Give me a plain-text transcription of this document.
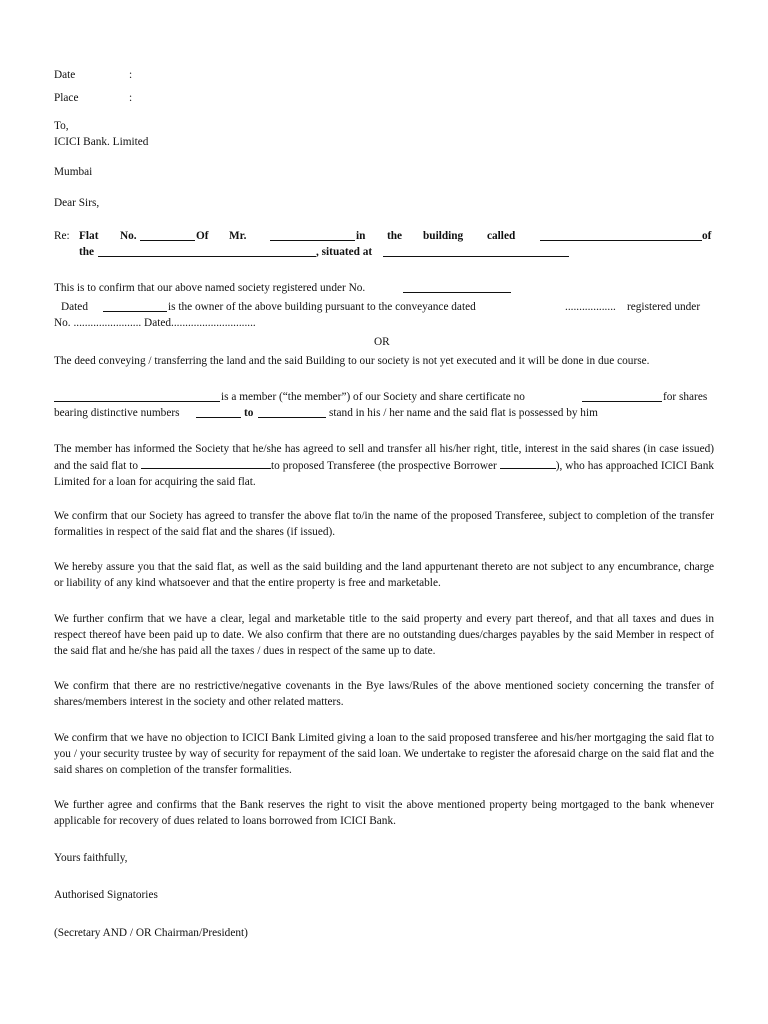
Date	:
Place	:
To,
ICICI Bank. Limited
Mumbai
Dear Sirs,
Re: Flat No.	Of Mr.	in the building called	of
the	, situated at
This is to confirm that our above named society registered under No.
Dated	is the owner of the above building pursuant to the conveyance dated	.................. registered under
No. ........................ Dated..............................
OR
The deed conveying / transferring the land and the said Building to our society is not yet executed and it will be done in due course.
is a member (“the member”) of our Society and share certificate no	for shares
bearing distinctive numbers	to	stand in his / her name and the said flat is possessed by him
The member has informed the Society that he/she has agreed to sell and transfer all his/her right, title, interest in the said shares (in case issued) and the said flat to	to proposed Transferee (the prospective Borrower	), who has approached ICICI Bank Limited for a loan for acquiring the said flat.
We confirm that our Society has agreed to transfer the above flat to/in the name of the proposed Transferee, subject to completion of the transfer formalities in respect of the said flat and the shares (if issued).
We hereby assure you that the said flat, as well as the said building and the land appurtenant thereto are not subject to any encumbrance, charge or liability of any kind whatsoever and that the entire property is free and marketable.
We further confirm that we have a clear, legal and marketable title to the said property and every part thereof, and that all taxes and dues in respect thereof have been paid up to date. We also confirm that there are no outstanding dues/charges payables by the said Member in respect of the said flat and he/she has paid all the taxes / dues in respect of the same up to date.
We confirm that there are no restrictive/negative covenants in the Bye laws/Rules of the above mentioned society concerning the transfer of shares/members interest in the society and other related matters.
We confirm that we have no objection to ICICI Bank Limited giving a loan to the said proposed transferee and his/her mortgaging the said flat to you / your security trustee by way of security for repayment of the said loan. We undertake to register the aforesaid charge on the said flat and the said shares on completion of the transfer formalities.
We further agree and confirms that the Bank reserves the right to visit the above mentioned property being mortgaged to the bank whenever applicable for recovery of dues related to loans borrowed from ICICI Bank.
Yours faithfully,
Authorised Signatories
(Secretary AND / OR Chairman/President)
